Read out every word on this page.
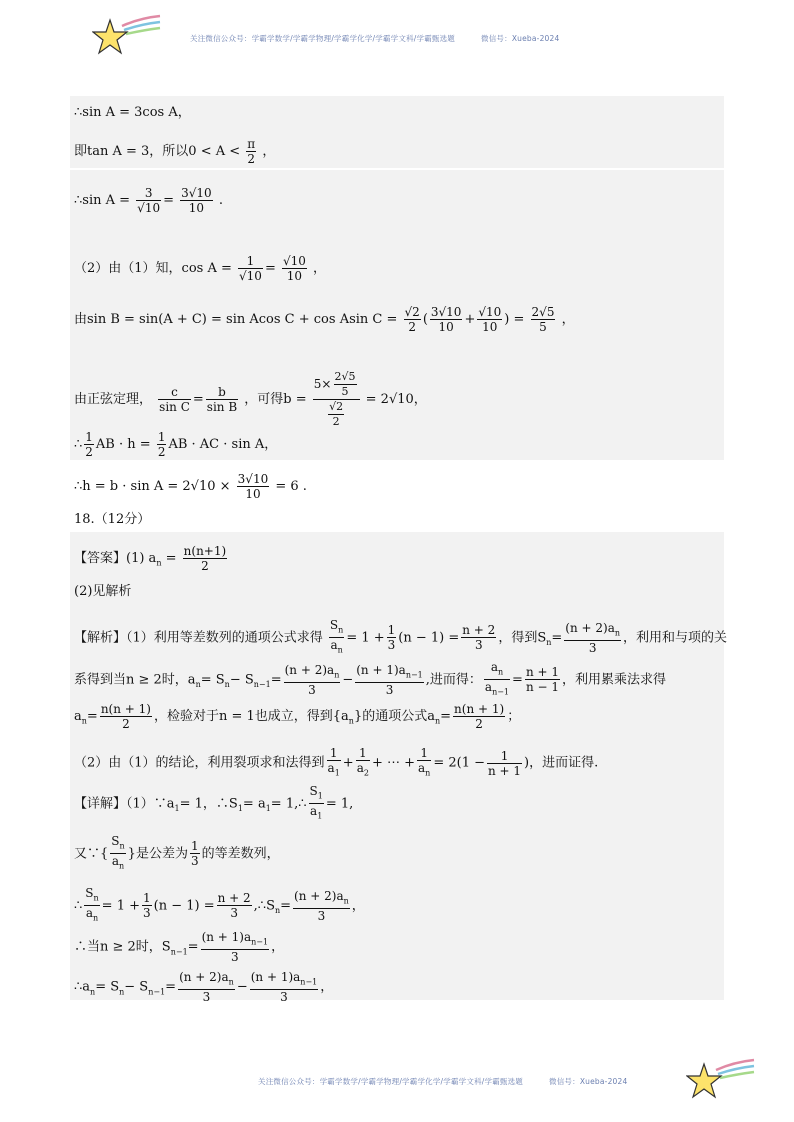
关注微信公众号：学霸学数学/学霸学物理/学霸学化学/学霸学文科/学霸甄选题	微信号：Xueba-2024
∴sin A = 3cos A，
即tan A = 3，所以$0 < A < \frac{\pi}{2}$ ，
∴sin $A = \frac{3}{√10} = \frac{3√10}{10}$ .
（2）由（1）知，$\cos A = \frac{1}{√10} = \frac{√10}{10}$ ，
由sin B = sin(A + C) = sin Acos C + cos Asin $C = \frac{√2}{2}$ ( $\frac{3√10}{10} + \frac{√10}{10}$ ) = $\frac{2√5}{5}$ ，
由正弦定理， $\frac{c}{\text{sin C}} = \frac{b}{\text{sin B}}$ ，可得$b = \frac{5\times \frac{2√5}{5}}{\frac{√2}{2}} = 2√10$，
∴ $\frac{1}{2}$ AB · $h = \frac{1}{2}$ AB · AC · sin A，
∴h = $b \cdot \sin A = 2√10 \times \frac{3√10}{10} = 6$ .
18.（12分）
【答案】(1) $a_n = \frac{n(n+1)}{2}$
(2)见解析
【解析】（1）利用等差数列的通项公式求得 $\frac{S_n}{a_n} = 1 + \frac{1}{3} (n - 1) = \frac{n + 2}{3}$ ，得到$S_n= \frac{(n + 2)a_n}{3}$ ，利用和与项的关
系得到当n ≥ 2时，$a_n= S_n- S_{n-1}= \frac{(n + 2)a_n}{3} - \frac{(n + 1)a_{n-1}}{3}$ ,进而得： $\frac{a_n}{a_{n-1}} = \frac{n + 1}{n - 1}$ ，利用累乘法求得
$a_n= \frac{n(n + 1)}{2}$ ，检验对于n = 1也成立，得到$\{a_n\}$的通项公式$a_n= \frac{n(n + 1)}{2}$ ；
（2）由（1）的结论，利用裂项求和法得到 $\frac{1}{a_1} + \frac{1}{a_2}$ + ⋯ + $\frac{1}{a_n} = 2(1 - \frac{1}{n + 1}$ )，进而证得.
【详解】$(1)\because a_1= 1$，$\therefore S_1= a_1=$ 1,∴ $\frac{S_1}{a_1} = 1$,
又∵{ $\frac{S_n}{a_n}$ }是公差为 $\frac{1}{3}$ 的等差数列，
∴ $\frac{S_n}{a_n} = 1 + \frac{1}{3} (n - 1) = \frac{n + 2}{3}$ $,\therefore S_n= \frac{(n + 2)a_n}{3}$ ，
∴当n ≥ 2时，$S_{n-1}= \frac{(n + 1)a_{n-1}}{3}$ ，
$\therefore a_n= S_n- S_{n-1}= \frac{(n + 2)a_n}{3} - \frac{(n + 1)a_{n-1}}{3}$ ，
关注微信公众号：学霸学数学/学霸学物理/学霸学化学/学霸学文科/学霸甄选题	微信号：Xueba-2024
